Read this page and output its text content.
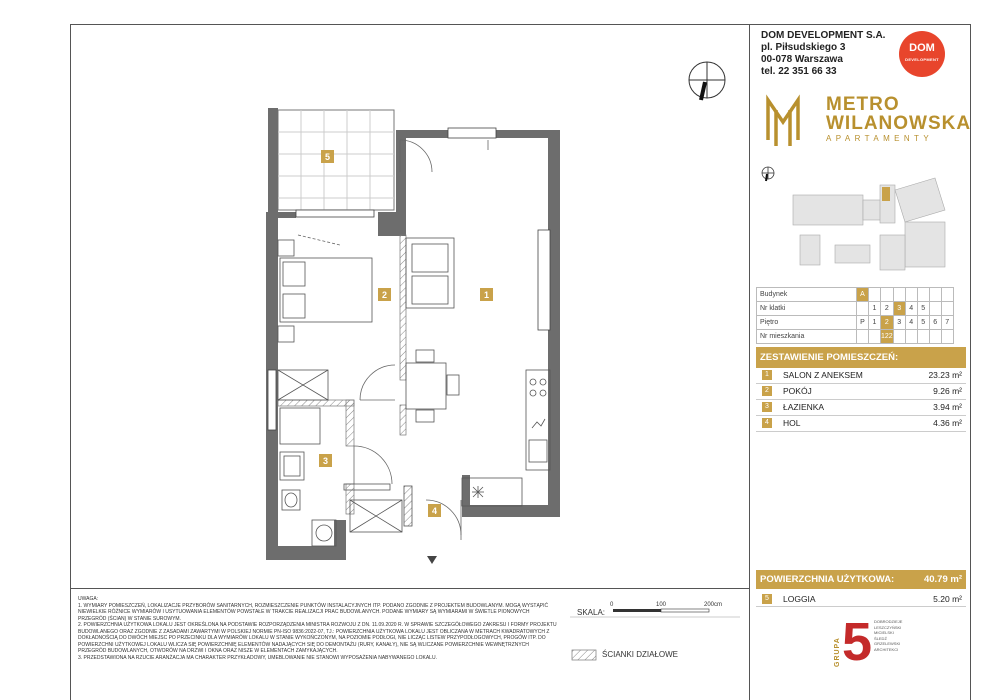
1
2
3
4
5
DOM DEVELOPMENT S.A.
pl. Piłsudskiego 3
00-078 Warszawa
tel. 22 351 66 33
DOM
DEVELOPMENT
METRO
WILANOWSKA
APARTAMENTY
Budynek	A							
Nr klatki		1	2	3	4	5		
Piętro	P	1	2	3	4	5	6	7
Nr mieszkania			122					
ZESTAWIENIE POMIESZCZEŃ:
1	SALON Z ANEKSEM	23.23 m²
2	POKÓJ	9.26 m²
3	ŁAZIENKA	3.94 m²
4	HOL	4.36 m²
POWIERZCHNIA UŻYTKOWA:	40.79 m²
5	LOGGIA	5.20 m²
GRUPA 5 DOBRODZIEJE
LESZCZYŃSKI
MICIELSKI
ŚLEDŹ
GRZELEWSKI
ARCHITEKCI
UWAGA:
1. WYMIARY POMIESZCZEŃ, LOKALIZACJE PRZYBORÓW SANITARNYCH, ROZMIESZCZENIE PUNKTÓW INSTALACYJNYCH ITP. PODANO ZGODNIE Z PROJEKTEM BUDOWLANYM. MOGĄ WYSTĄPIĆ NIEWIELKIE RÓŻNICE WYMIARÓW I USYTUOWANIA ELEMENTÓW POWSTAŁE W TRAKCIE REALIZACJI PRAC BUDOWLANYCH. PODANE WYMIARY SĄ WYMIARAMI W ŚWIETLE PIONOWYCH PRZEGRÓD (ŚCIAN) W STANIE SUROWYM.
2. POWIERZCHNIA UŻYTKOWA LOKALU JEST OKREŚLONA NA PODSTAWIE ROZPORZĄDZENIA MINISTRA ROZWOJU Z DN. 11.09.2020 R. W SPRAWIE SZCZEGÓŁOWEGO ZAKRESU I FORMY PROJEKTU BUDOWLANEGO ORAZ ZGODNIE Z ZASADAMI ZAWARTYMI W POLSKIEJ NORMIE PN-ISO 9836:2022-07, TJ.: POWIERZCHNIA UŻYTKOWA LOKALU JEST OBLICZANA W METRACH KWADRATOWYCH Z DOKŁADNOŚCIĄ DO DWÓCH MIEJSC PO PRZECINKU DLA WYMIARÓW LOKALU W STANIE WYKOŃCZONYM, NA POZIOMIE PODŁOGI, NIE LICZĄC LISTEW PRZYPODŁOGOWYCH, PROGÓW ITP. DO POWIERZCHNI UŻYTKOWEJ LOKALU WLICZA SIĘ POWIERZCHNIĘ ELEMENTÓW NADAJĄCYCH SIĘ DO DEMONTAŻU (RURY, KANAŁY), NIE SĄ WLICZANE POWIERZCHNIE WEWNĘTRZNYCH PRZEGRÓD BUDOWLANYCH, OTWORÓW NA DRZWI I OKNA ORAZ NISZE W ELEMENTACH ZAMYKAJĄCYCH.
3. PRZEDSTAWIONA NA RZUCIE ARANŻACJA MA CHARAKTER PRZYKŁADOWY, UMEBLOWANIE NIE STANOWI WYPOSAŻENIA NABYWANEGO LOKALU.
SKALA:
0	100	200cm
ŚCIANKI DZIAŁOWE
